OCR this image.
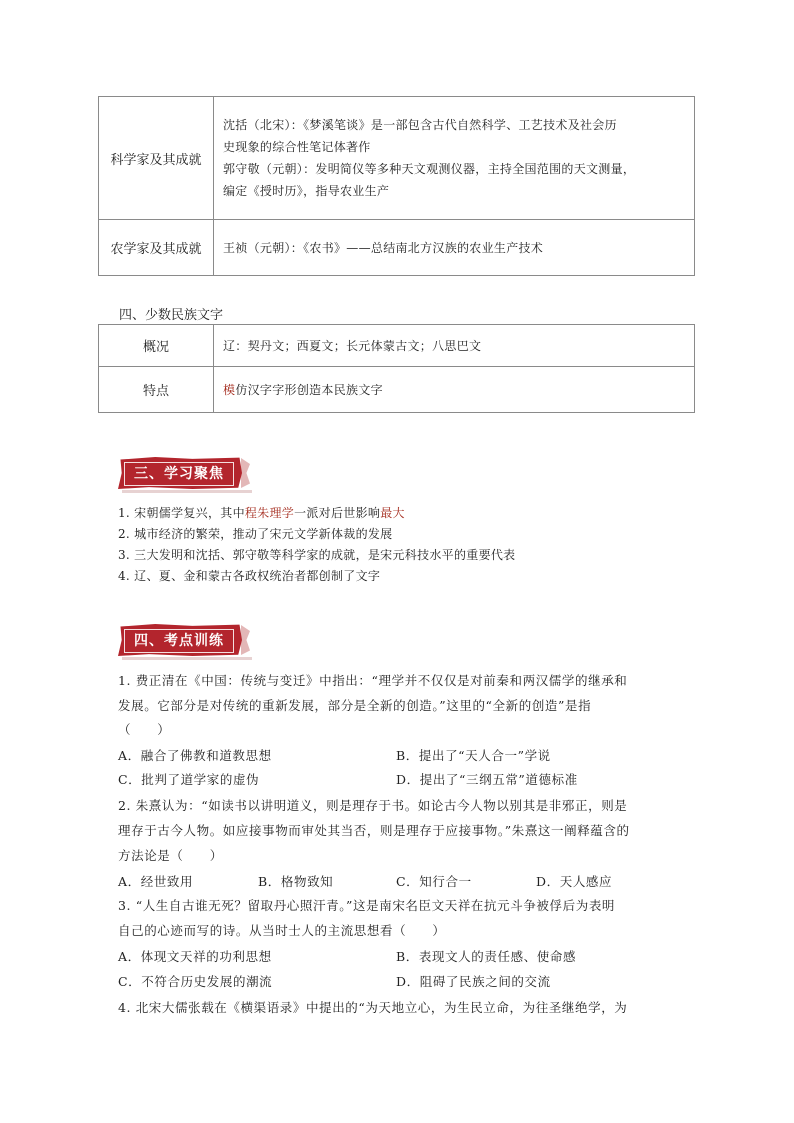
科学家及其成就	沈括（北宋）：《梦溪笔谈》是一部包含古代自然科学、工艺技术及社会历
史现象的综合性笔记体著作
郭守敬（元朝）：发明简仪等多种天文观测仪器，主持全国范围的天文测量，
编定《授时历》，指导农业生产

农学家及其成就	王祯（元朝）：《农书》——总结南北方汉族的农业生产技术
四、少数民族文字
概况	辽：契丹文；西夏文；长元体蒙古文；八思巴文
特点	模仿汉字字形创造本民族文字
三、学习聚焦
1. 宋朝儒学复兴，其中程朱理学一派对后世影响最大
2. 城市经济的繁荣，推动了宋元文学新体裁的发展
3. 三大发明和沈括、郭守敬等科学家的成就，是宋元科技水平的重要代表
4. 辽、夏、金和蒙古各政权统治者都创制了文字
四、考点训练
1. 费正清在《中国：传统与变迁》中指出：“理学并不仅仅是对前秦和两汉儒学的继承和
发展。它部分是对传统的重新发展，部分是全新的创造。”这里的“全新的创造”是指
（　　）
A．融合了佛教和道教思想	B．提出了“天人合一”学说
C．批判了道学家的虚伪	D．提出了“三纲五常”道德标准
2. 朱熹认为：“如读书以讲明道义，则是理存于书。如论古今人物以别其是非邪正，则是
理存于古今人物。如应接事物而审处其当否，则是理存于应接事物。”朱熹这一阐释蕴含的
方法论是（　　）
A．经世致用	B．格物致知	C．知行合一	D．天人感应
3. “人生自古谁无死？留取丹心照汗青。”这是南宋名臣文天祥在抗元斗争被俘后为表明
自己的心迹而写的诗。从当时士人的主流思想看（　　）
A．体现文天祥的功利思想	B．表现文人的责任感、使命感
C．不符合历史发展的潮流	D．阻碍了民族之间的交流
4. 北宋大儒张载在《横渠语录》中提出的“为天地立心，为生民立命，为往圣继绝学，为
